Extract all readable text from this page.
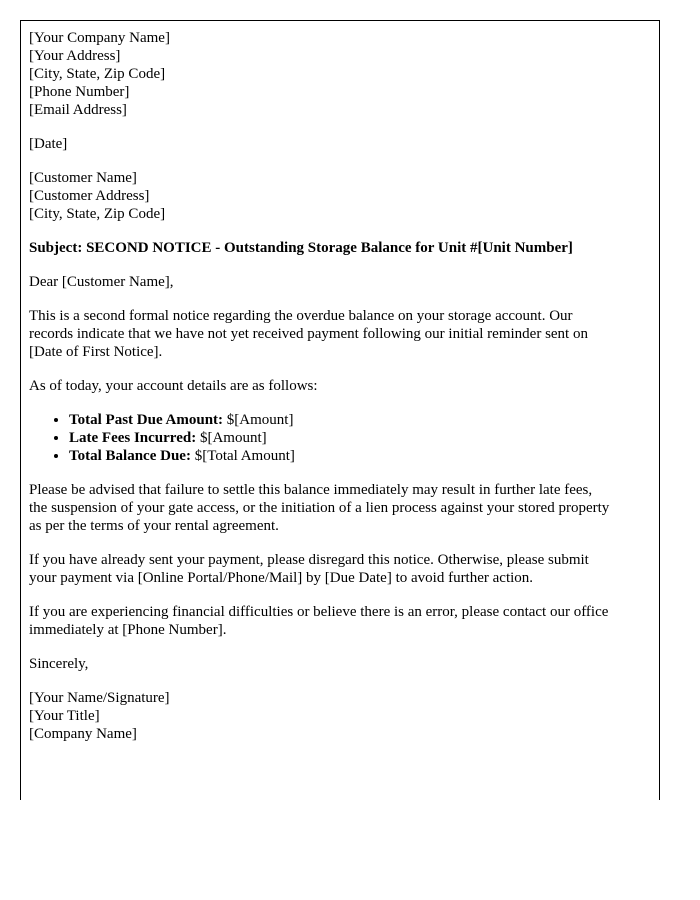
[Your Company Name]
[Your Address]
[City, State, Zip Code]
[Phone Number]
[Email Address]
[Date]
[Customer Name]
[Customer Address]
[City, State, Zip Code]

Subject: SECOND NOTICE - Outstanding Storage Balance for Unit #[Unit Number]

Dear [Customer Name],

This is a second formal notice regarding the overdue balance on your storage account. Our records indicate that we have not yet received payment following our initial reminder sent on [Date of First Notice].

As of today, your account details are as follows:

• Total Past Due Amount: $[Amount]
• Late Fees Incurred: $[Amount]
• Total Balance Due: $[Total Amount]

Please be advised that failure to settle this balance immediately may result in further late fees, the suspension of your gate access, or the initiation of a lien process against your stored property as per the terms of your rental agreement.

If you have already sent your payment, please disregard this notice. Otherwise, please submit your payment via [Online Portal/Phone/Mail] by [Due Date] to avoid further action.

If you are experiencing financial difficulties or believe there is an error, please contact our office immediately at [Phone Number].

Sincerely,

[Your Name/Signature]
[Your Title]
[Company Name]
